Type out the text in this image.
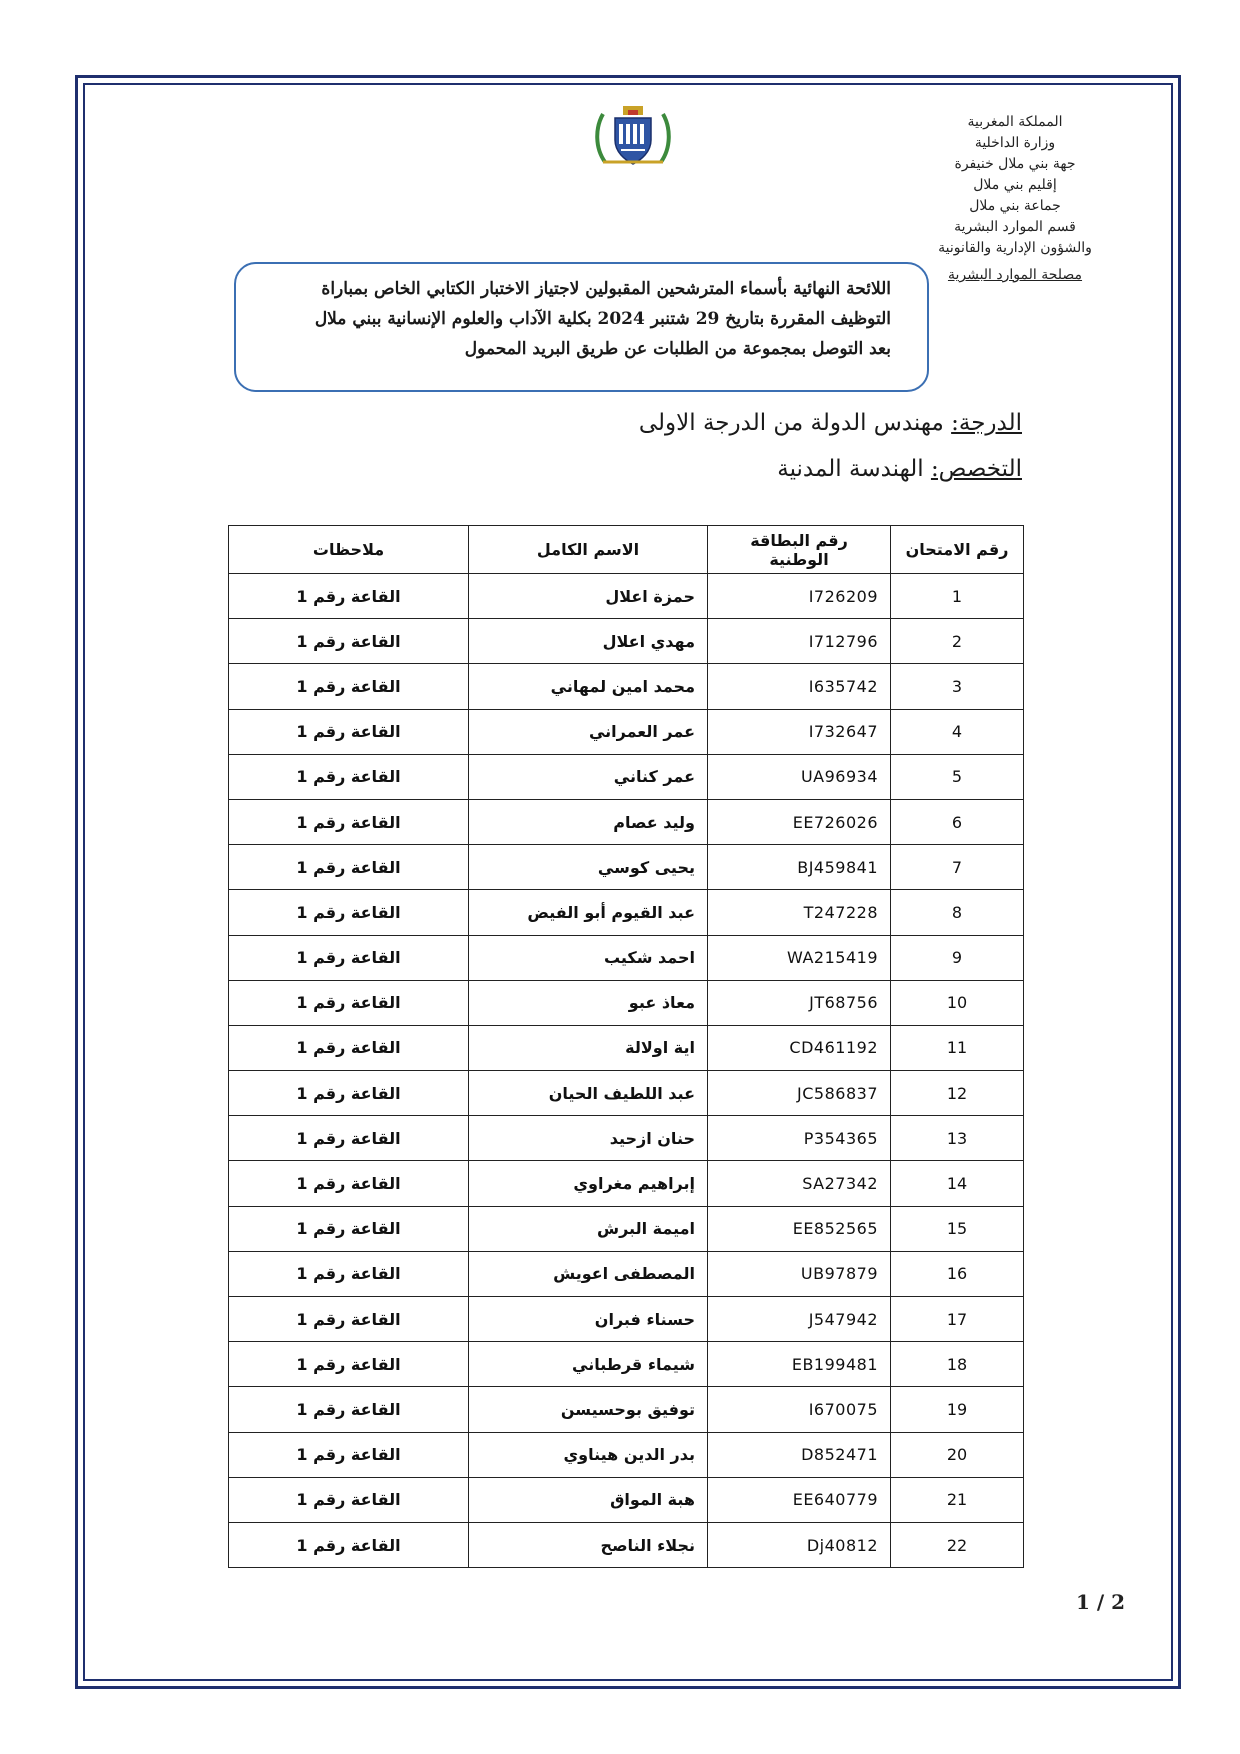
المملكة المغربية
وزارة الداخلية
جهة بني ملال خنيفرة
إقليم بني ملال
جماعة بني ملال
قسم الموارد البشرية
والشؤون الإدارية والقانونية
مصلحة الموارد البشرية
اللائحة النهائية بأسماء المترشحين المقبولين لاجتياز الاختبار الكتابي الخاص بمباراة
التوظيف المقررة بتاريخ 29 شتنبر 2024 بكلية الآداب والعلوم الإنسانية ببني ملال
بعد التوصل بمجموعة من الطلبات عن طريق البريد المحمول
الدرجة: مهندس الدولة من الدرجة الاولى
التخصص: الهندسة المدنية
رقم الامتحان	رقم البطاقة الوطنية	الاسم الكامل	ملاحظات
1	I726209	حمزة اعلال	القاعة رقم 1
2	I712796	مهدي اعلال	القاعة رقم 1
3	I635742	محمد امين لمهاني	القاعة رقم 1
4	I732647	عمر العمراني	القاعة رقم 1
5	UA96934	عمر كناني	القاعة رقم 1
6	EE726026	وليد عصام	القاعة رقم 1
7	BJ459841	يحيى كوسي	القاعة رقم 1
8	T247228	عبد القيوم أبو الفيض	القاعة رقم 1
9	WA215419	احمد شكيب	القاعة رقم 1
10	JT68756	معاذ عبو	القاعة رقم 1
11	CD461192	اية اولالة	القاعة رقم 1
12	JC586837	عبد اللطيف الحيان	القاعة رقم 1
13	P354365	حنان ازحيد	القاعة رقم 1
14	SA27342	إبراهيم مغراوي	القاعة رقم 1
15	EE852565	اميمة البرش	القاعة رقم 1
16	UB97879	المصطفى اعويش	القاعة رقم 1
17	J547942	حسناء فبران	القاعة رقم 1
18	EB199481	شيماء قرطباني	القاعة رقم 1
19	I670075	توفيق بوحسيسن	القاعة رقم 1
20	D852471	بدر الدين هيناوي	القاعة رقم 1
21	EE640779	هبة المواق	القاعة رقم 1
22	Dj40812	نجلاء الناصح	القاعة رقم 1
1 / 2
